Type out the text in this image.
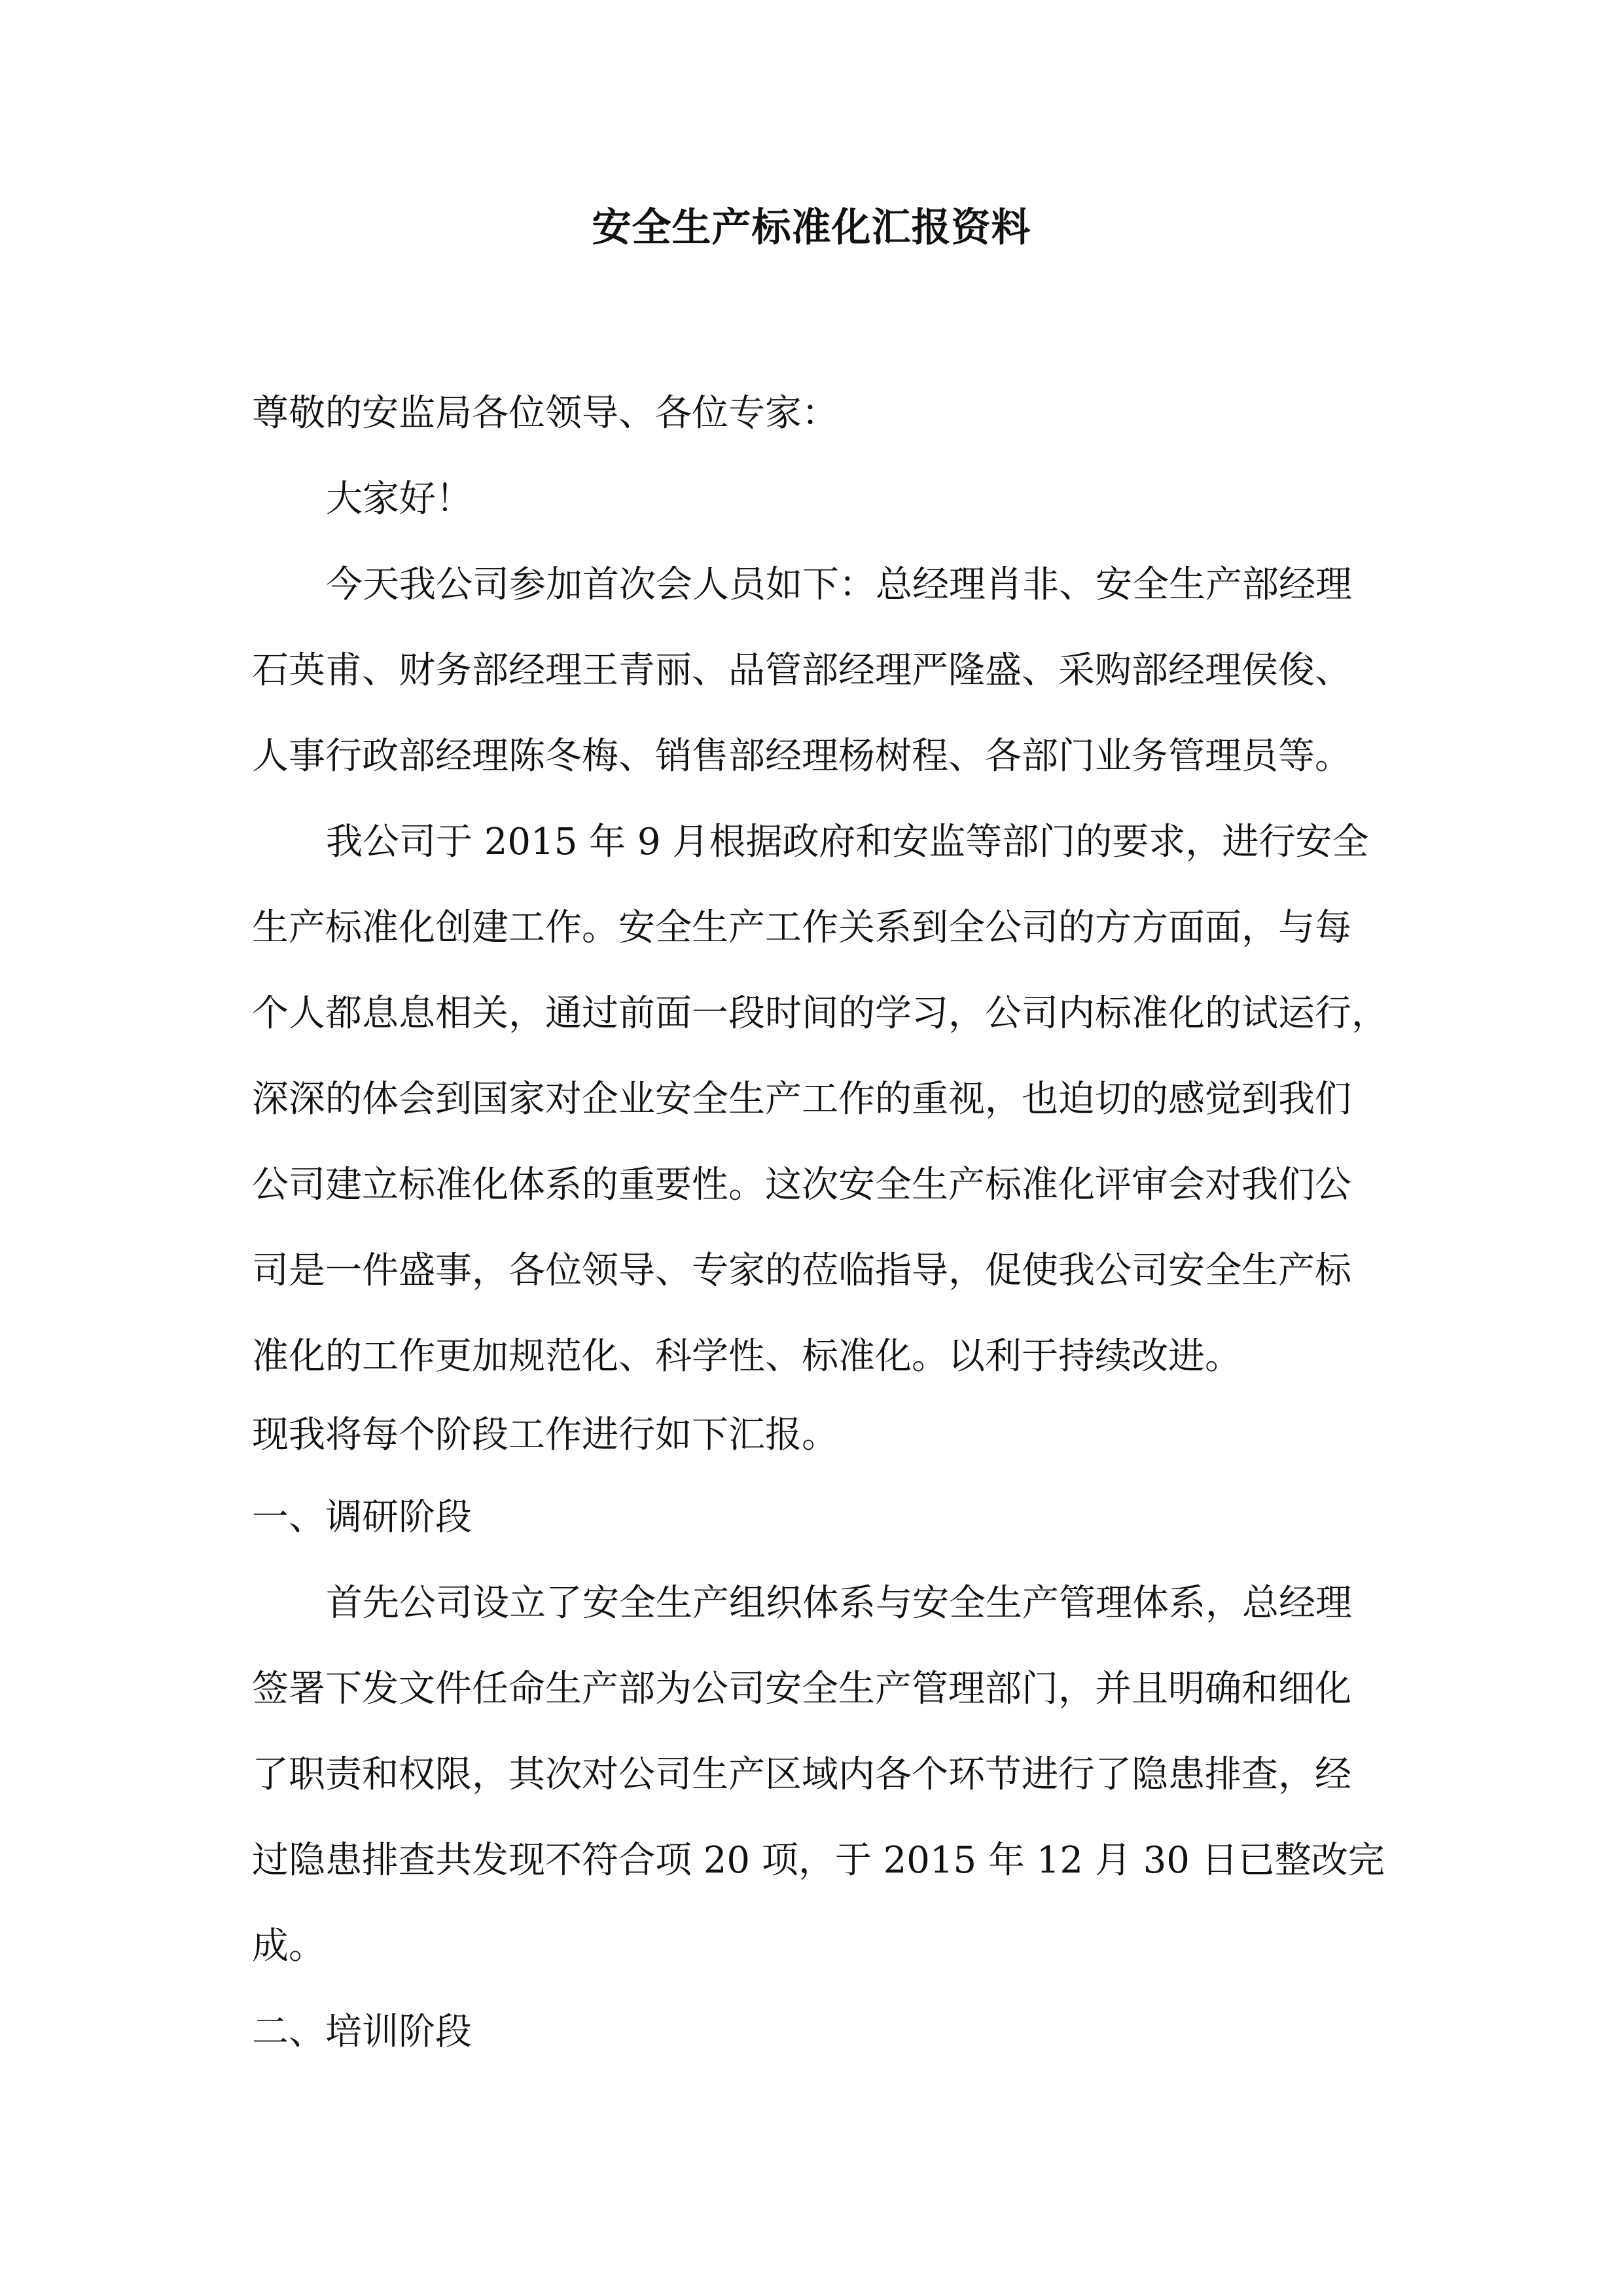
安全生产标准化汇报资料
尊敬的安监局各位领导、各位专家：
大家好！
今天我公司参加首次会人员如下：总经理肖非、安全生产部经理
石英甫、财务部经理王青丽、品管部经理严隆盛、采购部经理侯俊、
人事行政部经理陈冬梅、销售部经理杨树程、各部门业务管理员等。
我公司于 2015 年 9 月根据政府和安监等部门的要求，进行安全
生产标准化创建工作。安全生产工作关系到全公司的方方面面，与每
个人都息息相关，通过前面一段时间的学习，公司内标准化的试运行，
深深的体会到国家对企业安全生产工作的重视，也迫切的感觉到我们
公司建立标准化体系的重要性。这次安全生产标准化评审会对我们公
司是一件盛事，各位领导、专家的莅临指导，促使我公司安全生产标
准化的工作更加规范化、科学性、标准化。以利于持续改进。
现我将每个阶段工作进行如下汇报。
一、调研阶段
首先公司设立了安全生产组织体系与安全生产管理体系，总经理
签署下发文件任命生产部为公司安全生产管理部门，并且明确和细化
了职责和权限，其次对公司生产区域内各个环节进行了隐患排查，经
过隐患排查共发现不符合项 20 项，于 2015 年 12 月 30 日已整改完
成。
二、培训阶段
